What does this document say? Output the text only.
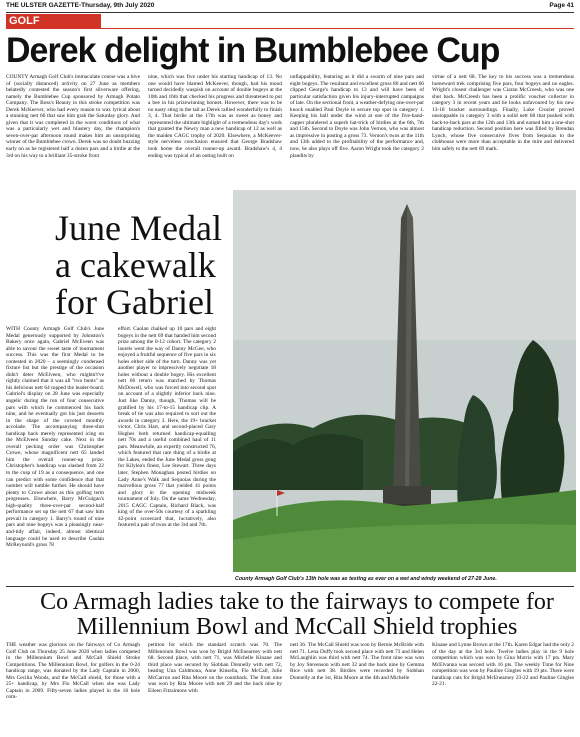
THE ULSTER GAZETTE-Thursday, 9th July 2020	Page 41
GOLF
Derek delight in Bumblebee Cup
COUNTY Armagh Golf Club's immaculate course was a hive of (socially distanced) activity on 27 June as members belatedly contested the season's first silverware offering, namely the Bumblebee Cup sponsored by Armagh Potato Company. The Boss's Beauty in this stroke competition was Derek McKeever, who had every reason to wax lyrical about a stunning nett 66 that saw him grab the Saturday glory. And given that it was completed in the worst conditions of what was a particularly wet and blustery day, the champion's seven-over-par afternoon round makes him an unsurprising winner of the Bumblebee crown. Derek was no doubt buzzing early on as he registered half a dozen pars and a birdie at the 3rd on his way to a brilliant 35-stroke front
nine, which was five under his starting handicap of 13. No one would have blamed McKeever, though, had his mood turned decidedly waspish on account of double bogeys at the 10th and 16th that checked his progress and threatened to put a bee in his prizewinning bonnet. However, there was to be no nasty sting in the tail as Derek rallied wonderfully to finish 3, 4. That birdie at the 17th was as sweet as honey and represented the ultimate highlight of a tremendous day's work that granted the Newry man a new handicap of 12 as well as the maiden CAGC trophy of 2020. Elsewhere, a McKeever-style nerveless conclusion ensured that George Bradshaw took home the overall runner-up award. Bradshaw's 4, 4 ending was typical of an outing built on
unflappability, featuring as it did a swarm of nine pars and eight bogeys. The resultant and excellent gross 80 and nett 66 clipped George's handicap to 13 and will have been of particular satisfaction given his injury-interrupted campaigns of late. On the sectional front, a weather-defying one-over-par knock enabled Paul Doyle to secure top spot in category 1. Keeping his ball under the wind at one of the five-hand-capper plundered a superb hat-trick of birdies at the 6th, 7th and 15th. Second to Doyle was John Vernon, who was almost as impressive in posting a gross 73. Vernon's twos at the 11th and 13th added to the profitability of the performance and, now, he also plays off five. Aaron Wright took the category 2 plaudits by
virtue of a nett 68. The key to his success was a tremendous homeward trek comprising five pars, four bogeys and no eagles. Wright's closest challenger was Ciaran McCreesh, who was one shot back. McCreesh has been a prolific voucher collector in category 3 in recent years and he looks unfavoured by his new 13-18 bracket surroundings. Finally, Luke Crozier proved unstoppable in category 3 with a solid nett 68 that pushed with back-to-back pars at the 12th and 13th and earned him a one-shot handicap reduction. Second position here was filled by Brendan Lynch, whose five consecutive fives from Sequoias to the clubhouse were more than acceptable in the mire and delivered him safely to the nett 69 mark.
June Medal
a cakewalk
for Gabriel
WITH County Armagh Golf Club's June Medal generously supported by Johnston's Bakery once again, Gabriel McEveen was able to savour the sweet taste of tournament success. This was the first Medal to be contested in 2020 – a seemingly condensed fixture list but the prestige of the occasion didn't deter McElveen, who mightn't've rightly claimed that it was all "two bunts" as his delicious nett 64 topped the leader-board. Gabriel's display on 28 June was especially angelic during the run of four consecutive pars with which he commenced his back nine, and he eventually got his just desserts in the shape of the coveted monthly accolade. The accompanying three-shot handicap back merely represented icing on the McElveen Sunday cake. Next in the overall pecking order was Christopher Crowe, whose magnificent nett 65 landed him the overall runner-up prize. Christopher's handicap was slashed from 22 to the cusp of 19 as a consequence, and one can predict with some confidence that that number will tumble further. He should have plenty to Crowe about as this golfing term progresses. Elsewhere, Barry McGuigan's high-quality three-over-par second-half performance set up the nett 67 that saw him prevail in category 1. Barry's round of nine pars and nine bogeys was a pleasingly near-and-tidy affair, indeed, almost identical language could be used to describe Caolan McReynold's gross 78
effort. Caolan chalked up 10 pars and eight bogeys in the nett 69 that handed him second prize among the 0-12 cohort. The category 2 laurels went the way of Danny McGee, who enjoyed a fruitful sequence of five pars in six holes either side of the turn. Danny was yet another player to impressively negotiate 18 holes without a double bogey. His excellent nett 66 return was matched by Thomas McDowell, who was forced into second spot on account of a slightly inferior back nine. Just like Danny, though, Thomas will be gratified by his 17-to-15 handicap clip. A break of tie was also required to sort out the awards in category 3. Here, the 19+ bracket victor, Chris Hart, and second-placed Gary Hughes both returned handicap-equalling nett 70s and a useful combined haul of 11 pars. Meanwhile, an expertly constructed 76, which featured that rare thing of a birdie at the Lakes, ended the June Medal gross gong for Kilylea's finest, Lee Stewart. Three days later, Stephen Monaghan posted birdies on Lady Anne's Walk and Sequoias during the marvellous gross 77 that yielded 41 points and glory in the opening midweek tournament of July. On the same Wednesday, 2015 CAGC Captain, Richard Black, was king of the over-50s courtesy of a sparkling 42-point scorecard that, lucratively, also featured a pair of twos at the 3rd and 7th.
County Armagh Golf Club's 13th hole was as testing as ever on a wet and windy weekend of 27-28 June.
Co Armagh ladies take to the fairways to compete for Millennium Bowl and McCall Shield trophies
THE weather was glorious on the fairways of Co Armagh Golf Club on Thursday 25 June 2020 when ladies competed in the Millennium Bowl and McCall Shield Stroke Competitions. The Millennium Bowl, for golfers in the 0-24 handicap range, was donated by the Lady Captain in 2000, Mrs Cecilia Woods, and the McCall shield, for those with a 25+ handicap, by Mrs Flo McCall when she was Lady Captain in 2009. Fifty-seven ladies played in the 18 hole com-
petition for which the standard scratch was 70. The Millennium Bowl was won by Brigid McEnearney with nett 68. Second place, with nett 71, was Michelle Kinane and third place was secured by Siobhan Donnelly with nett 72, beating Una Caldmona, Anne Kinsella, Flo McCall, Julie McCarron and Rita Moore on the countback. The front nine was won by Rita Moore with nett 29 and the back nine by Eileen Fitzsimons with
nett 36. The McCall Shield was won by Bernie McBride with nett 71. Lena Duffy took second place with nett 73 and Helen McLaughlin was third with nett 74. The front nine was won by Joy Stevenson with nett 32 and the back nine by Gemma Rice with nett 38. Birdies were recorded by Siobhan Donnelly at the 1st, Rita Moore at the 4th and Michelle
Kinane and Lynne Brown at the 17th. Karen Edgar had the only 2 of the day at the 3rd hole. Twelve ladies play in the 9 hole competition which was won by Gina Morris with 17 pts. Mary McElvanna was second with 16 pts. The weekly Time for Nine competition was won by Pauline Gingles with 19 pts. There were handicap cuts for Brigid McEnearney 23-22 and Pauline Gingles 22-21.
